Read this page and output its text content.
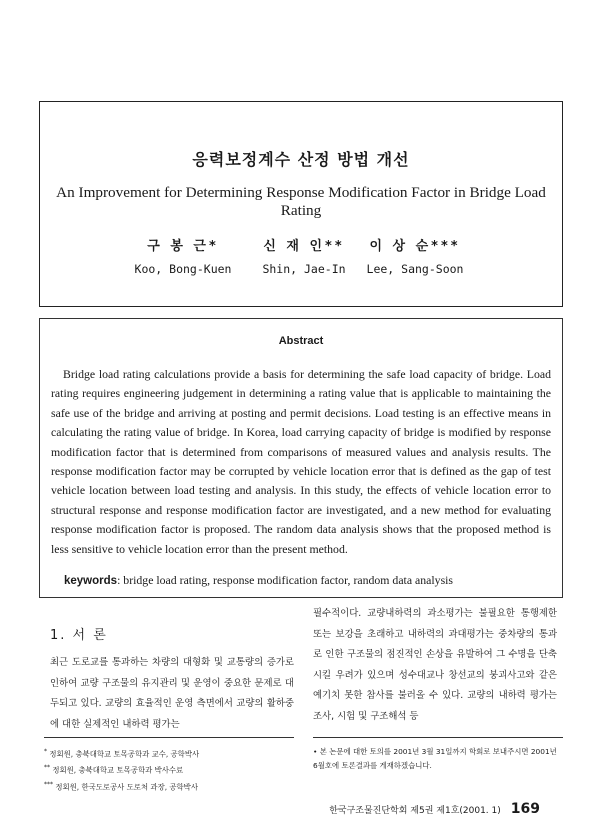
응력보정계수 산정 방법 개선
An Improvement for Determining Response Modification Factor in Bridge Load Rating
구 봉 근*
Koo, Bong-Kuen
신 재 인**
Shin, Jae-In
이 상 순***
Lee, Sang-Soon
Abstract

Bridge load rating calculations provide a basis for determining the safe load capacity of bridge. Load rating requires engineering judgement in determining a rating value that is applicable to maintaining the safe use of the bridge and arriving at posting and permit decisions. Load testing is an effective means in calculating the rating value of bridge. In Korea, load carrying capacity of bridge is modified by response modification factor that is determined from comparisons of measured values and analysis results. The response modification factor may be corrupted by vehicle location error that is defined as the gap of test vehicle location between load testing and analysis. In this study, the effects of vehicle location error to structural response and response modification factor are investigated, and a new method for evaluating response modification factor is proposed. The random data analysis shows that the proposed method is less sensitive to vehicle location error than the present method.

keywords: bridge load rating, response modification factor, random data analysis
1. 서 론

최근 도로교를 통과하는 차량의 대형화 및 교통량의 증가로 인하여 교량 구조물의 유지관리 및 운영이 중요한 문제로 대두되고 있다. 교량의 효율적인 운영 측면에서 교량의 활하중에 대한 실제적인 내하력 평가는

필수적이다. 교량내하력의 과소평가는 불필요한 통행제한 또는 보강을 초래하고 내하력의 과대평가는 중차량의 통과로 인한 구조물의 점진적인 손상을 유발하여 그 수명을 단축시킬 우려가 있으며 성수대교나 창선교의 붕괴사고와 같은 예기치 못한 참사를 불러올 수 있다. 교량의 내하력 평가는 조사, 시험 및 구조해석 등

* 정회원, 충북대학교 토목공학과 교수, 공학박사
** 정회원, 충북대학교 토목공학과 박사수료
*** 정회원, 한국도로공사 도로처 과장, 공학박사
• 본 논문에 대한 토의를 2001년 3월 31일까지 학회로 보내주시면 2001년 6월호에 토론결과를 게재하겠습니다.
한국구조물진단학회 제5권 제1호(2001. 1) 169
